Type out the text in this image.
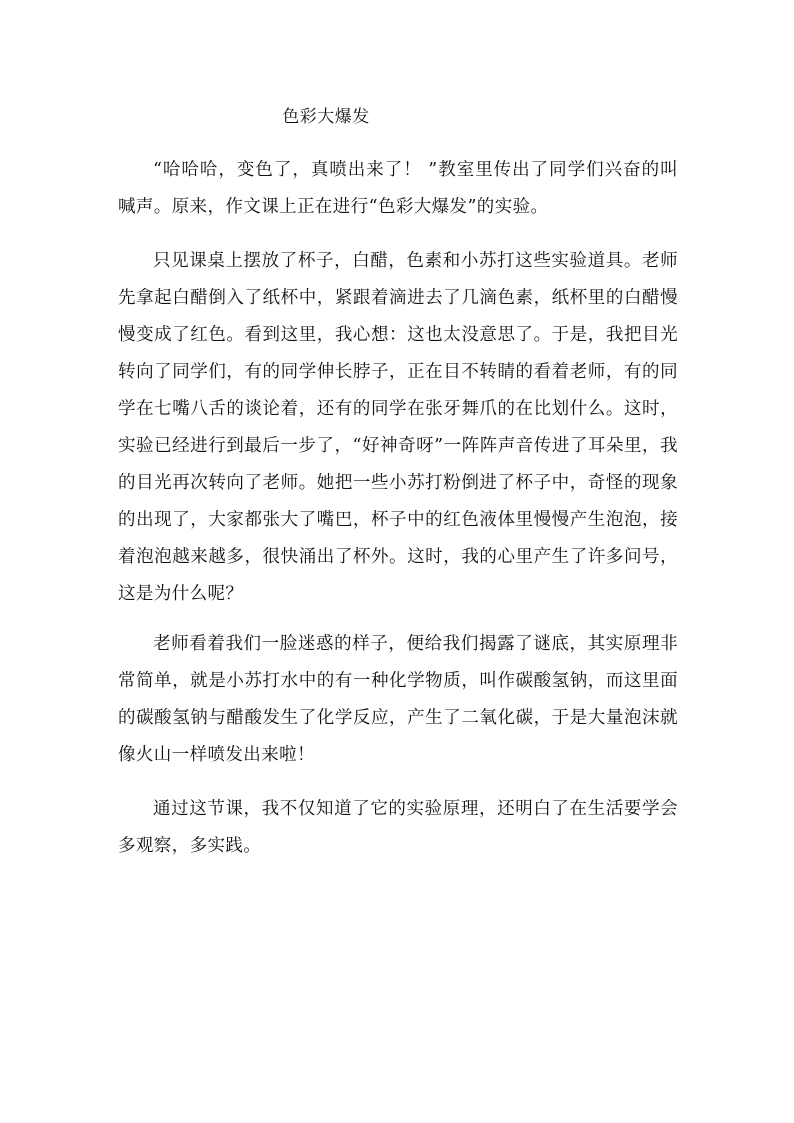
色彩大爆发

“哈哈哈，变色了，真喷出来了！ ”教室里传出了同学们兴奋的叫喊声。原来，作文课上正在进行“色彩大爆发”的实验。

只见课桌上摆放了杯子，白醋，色素和小苏打这些实验道具。老师先拿起白醋倒入了纸杯中，紧跟着滴进去了几滴色素，纸杯里的白醋慢慢变成了红色。看到这里，我心想：这也太没意思了。于是，我把目光转向了同学们，有的同学伸长脖子，正在目不转睛的看着老师，有的同学在七嘴八舌的谈论着，还有的同学在张牙舞爪的在比划什么。这时，实验已经进行到最后一步了，“好神奇呀”一阵阵声音传进了耳朵里，我的目光再次转向了老师。她把一些小苏打粉倒进了杯子中，奇怪的现象的出现了，大家都张大了嘴巴，杯子中的红色液体里慢慢产生泡泡，接着泡泡越来越多，很快涌出了杯外。这时，我的心里产生了许多问号，这是为什么呢？

老师看着我们一脸迷惑的样子，便给我们揭露了谜底，其实原理非常简单，就是小苏打水中的有一种化学物质，叫作碳酸氢钠，而这里面的碳酸氢钠与醋酸发生了化学反应，产生了二氧化碳，于是大量泡沫就像火山一样喷发出来啦！

通过这节课，我不仅知道了它的实验原理，还明白了在生活要学会多观察，多实践。
